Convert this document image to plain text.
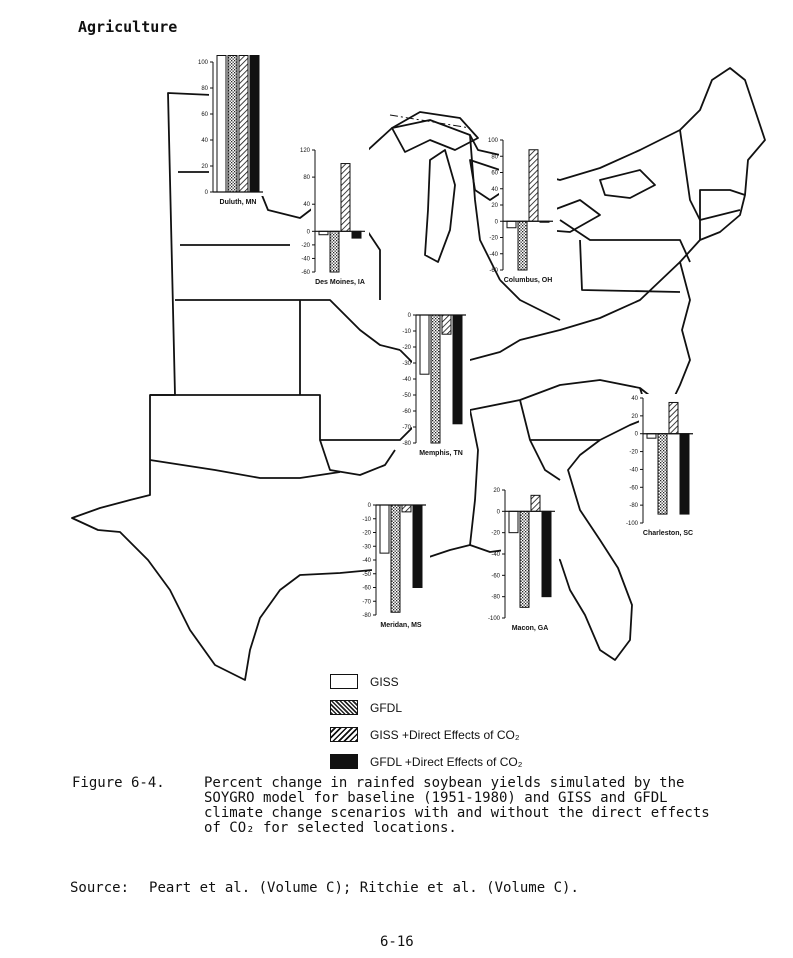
Agriculture
0
20
40
60
80
100
Duluth, MN
120
80
40
0
-20
-40
-60
Des Moines, IA
100
80
60
40
20
0
-20
-40
-60
Columbus, OH
0
-10
-20
-30
-40
-50
-60
-70
-80
Memphis, TN
40
20
0
-20
-40
-60
-80
-100
Charleston, SC
20
0
-20
-40
-60
-80
-100
Macon, GA
0
-10
-20
-30
-40
-50
-60
-70
-80
Meridan, MS
GISS
GFDL
GISS +Direct Effects of CO₂
GFDL +Direct Effects of CO₂
Figure 6-4.	Percent change in rainfed soybean yields simulated by the SOYGRO model for baseline (1951-1980) and GISS and GFDL climate change scenarios with and without the direct effects of CO₂ for selected locations.
Source: Peart et al. (Volume C); Ritchie et al. (Volume C).
6-16
